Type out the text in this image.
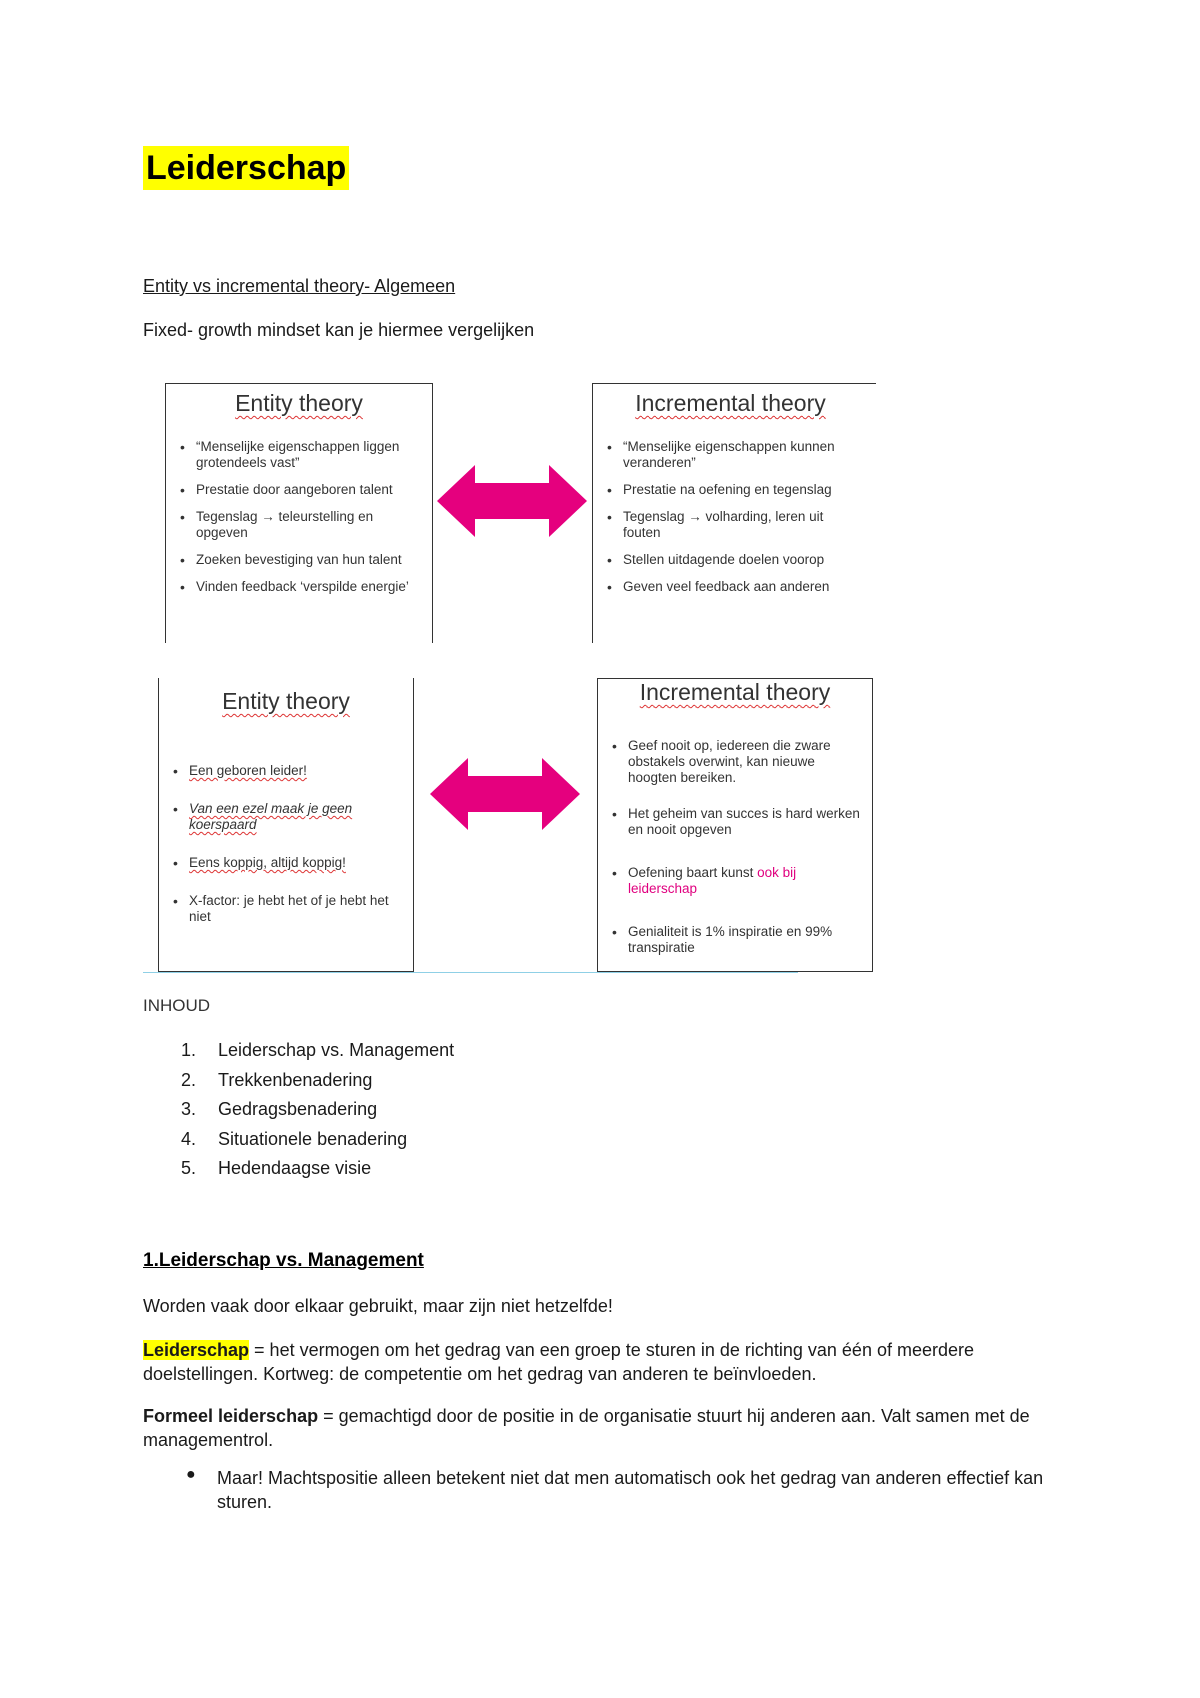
Leiderschap
Entity vs incremental theory- Algemeen
Fixed- growth mindset kan je hiermee vergelijken
Entity theory
• “Menselijke eigenschappen liggen grotendeels vast”
• Prestatie door aangeboren talent
• Tegenslag → teleurstelling en opgeven
• Zoeken bevestiging van hun talent
• Vinden feedback ‘verspilde energie’
Incremental theory
• “Menselijke eigenschappen kunnen veranderen”
• Prestatie na oefening en tegenslag
• Tegenslag → volharding, leren uit fouten
• Stellen uitdagende doelen voorop
• Geven veel feedback aan anderen
Entity theory
• Een geboren leider!
• Van een ezel maak je geen koerspaard
• Eens koppig, altijd koppig!
• X-factor: je hebt het of je hebt het niet
Incremental theory
• Geef nooit op, iedereen die zware obstakels overwint, kan nieuwe hoogten bereiken.
• Het geheim van succes is hard werken en nooit opgeven
• Oefening baart kunst ook bij leiderschap
• Genialiteit is 1% inspiratie en 99% transpiratie
INHOUD
1.	Leiderschap vs. Management
2.	Trekkenbenadering
3.	Gedragsbenadering
4.	Situationele benadering
5.	Hedendaagse visie
1.Leiderschap vs. Management
Worden vaak door elkaar gebruikt, maar zijn niet hetzelfde!
Leiderschap = het vermogen om het gedrag van een groep te sturen in de richting van één of meerdere doelstellingen. Kortweg: de competentie om het gedrag van anderen te beïnvloeden.
Formeel leiderschap = gemachtigd door de positie in de organisatie stuurt hij anderen aan. Valt samen met de managementrol.
● Maar! Machtspositie alleen betekent niet dat men automatisch ook het gedrag van anderen effectief kan sturen.
